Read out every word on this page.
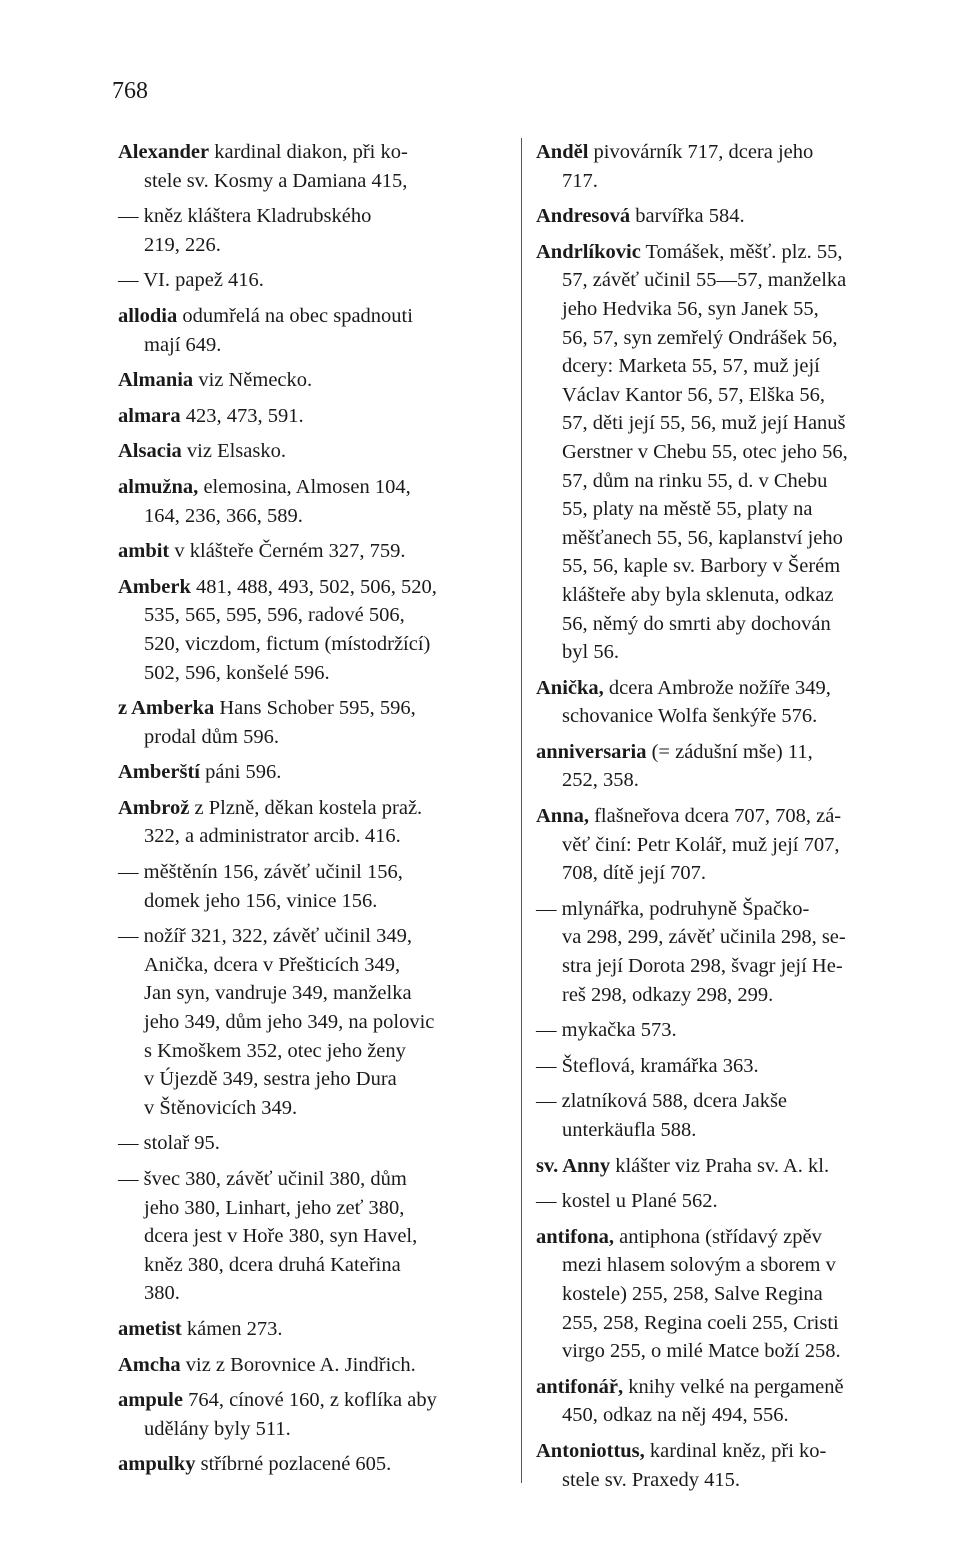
768
Alexander kardinal diakon, při ko-
stele sv. Kosmy a Damiana 415,
— kněz kláštera Kladrubského
219, 226.
— VI. papež 416.
allodia odumřelá na obec spadnouti
mají 649.
Almania viz Německo.
almara 423, 473, 591.
Alsacia viz Elsasko.
almužna, elemosina, Almosen 104,
164, 236, 366, 589.
ambit v klášteře Černém 327, 759.
Amberk 481, 488, 493, 502, 506, 520,
535, 565, 595, 596, radové 506,
520, viczdom, fictum (místodržící)
502, 596, konšelé 596.
z Amberka Hans Schober 595, 596,
prodal dům 596.
Amberští páni 596.
Ambrož z Plzně, děkan kostela praž.
322, a administrator arcib. 416.
— měštěnín 156, závěť učinil 156,
domek jeho 156, vinice 156.
— nožíř 321, 322, závěť učinil 349,
Anička, dcera v Přešticích 349,
Jan syn, vandruje 349, manželka
jeho 349, dům jeho 349, na polovic
s Kmoškem 352, otec jeho ženy
v Újezdě 349, sestra jeho Dura
v Štěnovicích 349.
— stolař 95.
— švec 380, závěť učinil 380, dům
jeho 380, Linhart, jeho zeť 380,
dcera jest v Hoře 380, syn Havel,
kněz 380, dcera druhá Kateřina
380.
ametist kámen 273.
Amcha viz z Borovnice A. Jindřich.
ampule 764, cínové 160, z koflíka aby
udělány byly 511.
ampulky stříbrné pozlacené 605.
Anděl pivovárník 717, dcera jeho
717.
Andresová barvířka 584.
Andrlíkovic Tomášek, měšť. plz. 55,
57, závěť učinil 55—57, manželka
jeho Hedvika 56, syn Janek 55,
56, 57, syn zemřelý Ondrášek 56,
dcery: Marketa 55, 57, muž její
Václav Kantor 56, 57, Elška 56,
57, děti její 55, 56, muž její Hanuš
Gerstner v Chebu 55, otec jeho 56,
57, dům na rinku 55, d. v Chebu
55, platy na městě 55, platy na
měšťanech 55, 56, kaplanství jeho
55, 56, kaple sv. Barbory v Šerém
klášteře aby byla sklenuta, odkaz
56, němý do smrti aby dochován
byl 56.
Anička, dcera Ambrože nožíře 349,
schovanice Wolfa šenkýře 576.
anniversaria (= zádušní mše) 11,
252, 358.
Anna, flašneřova dcera 707, 708, zá-
věť činí: Petr Kolář, muž její 707,
708, dítě její 707.
— mlynářka, podruhyně Špačko-
va 298, 299, závěť učinila 298, se-
stra její Dorota 298, švagr její He-
reš 298, odkazy 298, 299.
— mykačka 573.
— Šteflová, kramářka 363.
— zlatníková 588, dcera Jakše
unterkäufla 588.
sv. Anny klášter viz Praha sv. A. kl.
— kostel u Plané 562.
antifona, antiphona (střídavý zpěv
mezi hlasem solovým a sborem v
kostele) 255, 258, Salve Regina
255, 258, Regina coeli 255, Cristi
virgo 255, o milé Matce boží 258.
antifonář, knihy velké na pergameně
450, odkaz na něj 494, 556.
Antoniottus, kardinal kněz, při ko-
stele sv. Praxedy 415.
